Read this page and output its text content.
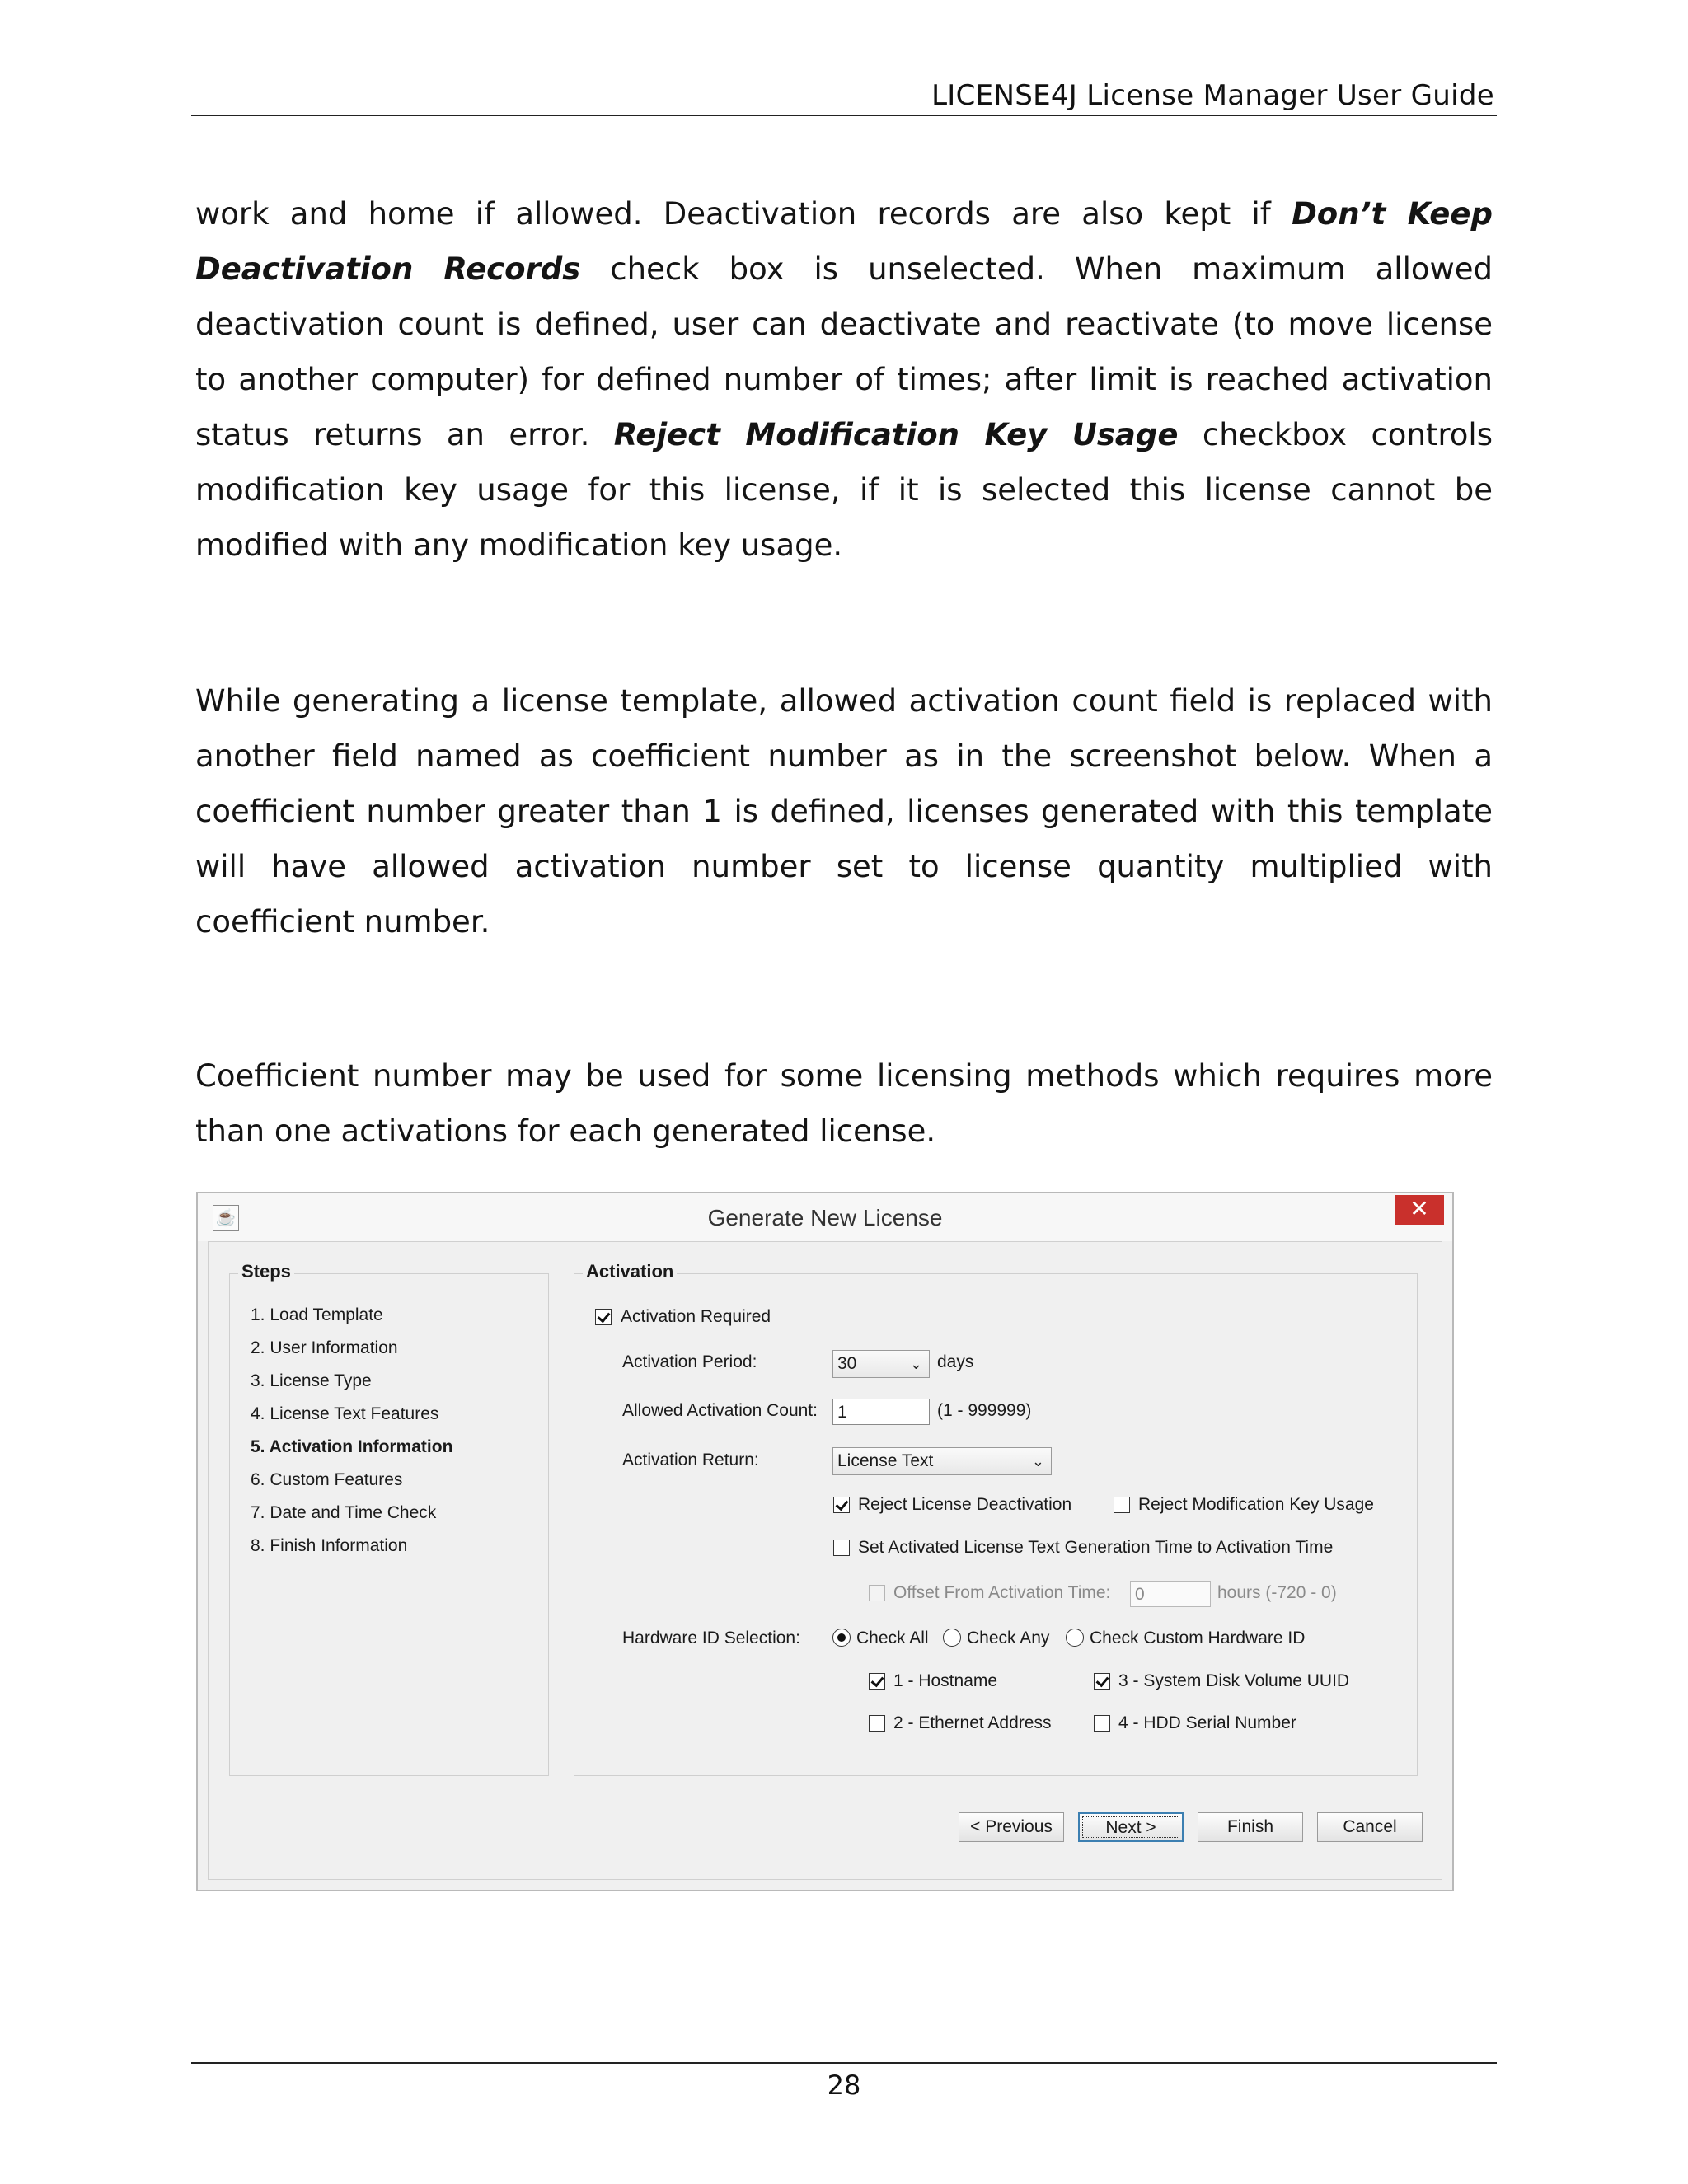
LICENSE4J License Manager User Guide
work and home if allowed. Deactivation records are also kept if Don’t Keep Deactivation Records check box is unselected. When maximum allowed deactivation count is defined, user can deactivate and reactivate (to move license to another computer) for defined number of times; after limit is reached activation status returns an error. Reject Modification Key Usage checkbox controls modification key usage for this license, if it is selected this license cannot be modified with any modification key usage.
While generating a license template, allowed activation count field is replaced with another field named as coefficient number as in the screenshot below. When a coefficient number greater than 1 is defined, licenses generated with this template will have allowed activation number set to license quantity multiplied with coefficient number.
Coefficient number may be used for some licensing methods which requires more than one activations for each generated license.
☕	Generate New License	✕
Steps
1. Load Template
2. User Information
3. License Type
4. License Text Features
5. Activation Information
6. Custom Features
7. Date and Time Check
8. Finish Information
Activation
Activation Required
Activation Period:	30	⌄ days
Allowed Activation Count: 1	(1 - 999999)
Activation Return:	License Text	⌄
Reject License Deactivation	Reject Modification Key Usage
Set Activated License Text Generation Time to Activation Time
Offset From Activation Time: 0	hours (-720 - 0)
Hardware ID Selection:	Check All Check Any Check Custom Hardware ID
1 - Hostname	3 - System Disk Volume UUID
2 - Ethernet Address	4 - HDD Serial Number
< Previous	Next >	Finish	Cancel
28
